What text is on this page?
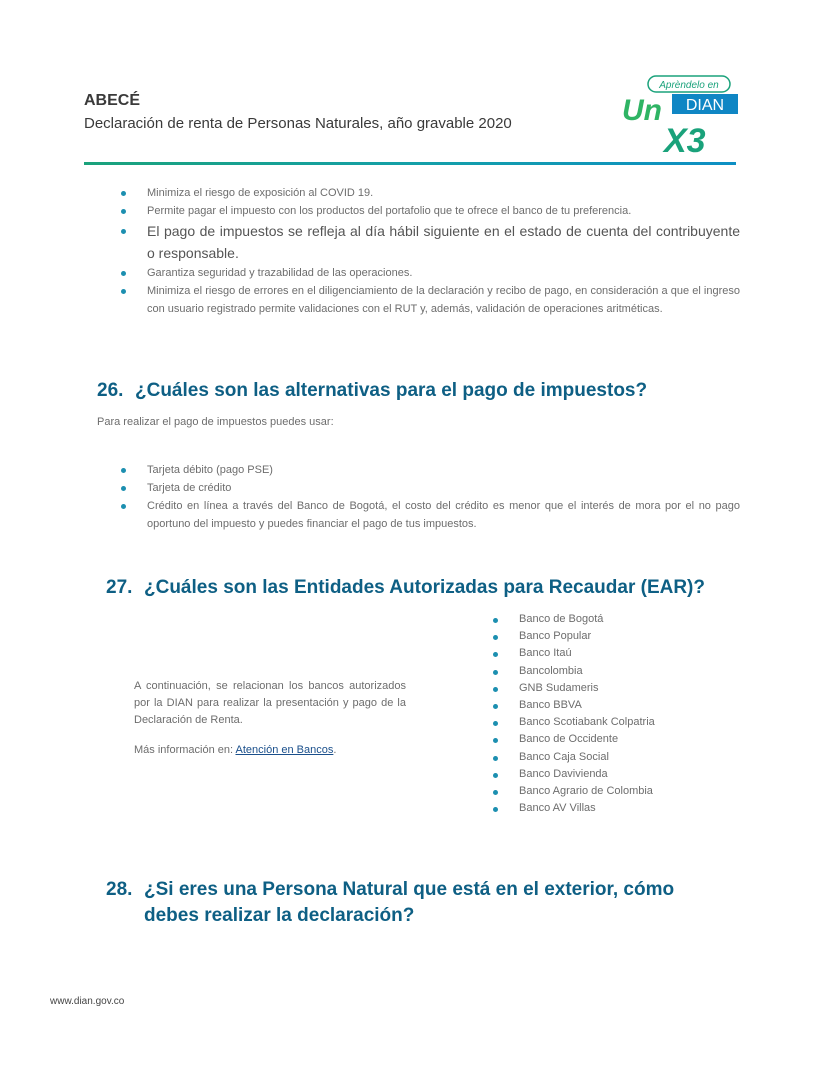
ABECÉ
Declaración de renta de Personas Naturales, año gravable 2020
Aprèndelo en
Un DIAN
X3
Minimiza el riesgo de exposición al COVID 19.
Permite pagar el impuesto con los productos del portafolio que te ofrece el banco de tu preferencia.
El pago de impuestos se refleja al día hábil siguiente en el estado de cuenta del contribuyente o responsable.
Garantiza seguridad y trazabilidad de las operaciones.
Minimiza el riesgo de errores en el diligenciamiento de la declaración y recibo de pago, en consideración a que el ingreso con usuario registrado permite validaciones con el RUT y, además, validación de operaciones aritméticas.
26. ¿Cuáles son las alternativas para el pago de impuestos?
Para realizar el pago de impuestos puedes usar:
Tarjeta débito (pago PSE)
Tarjeta de crédito
Crédito en línea a través del Banco de Bogotá, el costo del crédito es menor que el interés de mora por el no pago oportuno del impuesto y puedes financiar el pago de tus impuestos.
27. ¿Cuáles son las Entidades Autorizadas para Recaudar (EAR)?
A continuación, se relacionan los bancos autorizados por la DIAN para realizar la presentación y pago de la Declaración de Renta.
Más información en: Atención en Bancos.
Banco de Bogotá
Banco Popular
Banco Itaú
Bancolombia
GNB Sudameris
Banco BBVA
Banco Scotiabank Colpatria
Banco de Occidente
Banco Caja Social
Banco Davivienda
Banco Agrario de Colombia
Banco AV Villas
28. ¿Si eres una Persona Natural que está en el exterior, cómo
debes realizar la declaración?
www.dian.gov.co
